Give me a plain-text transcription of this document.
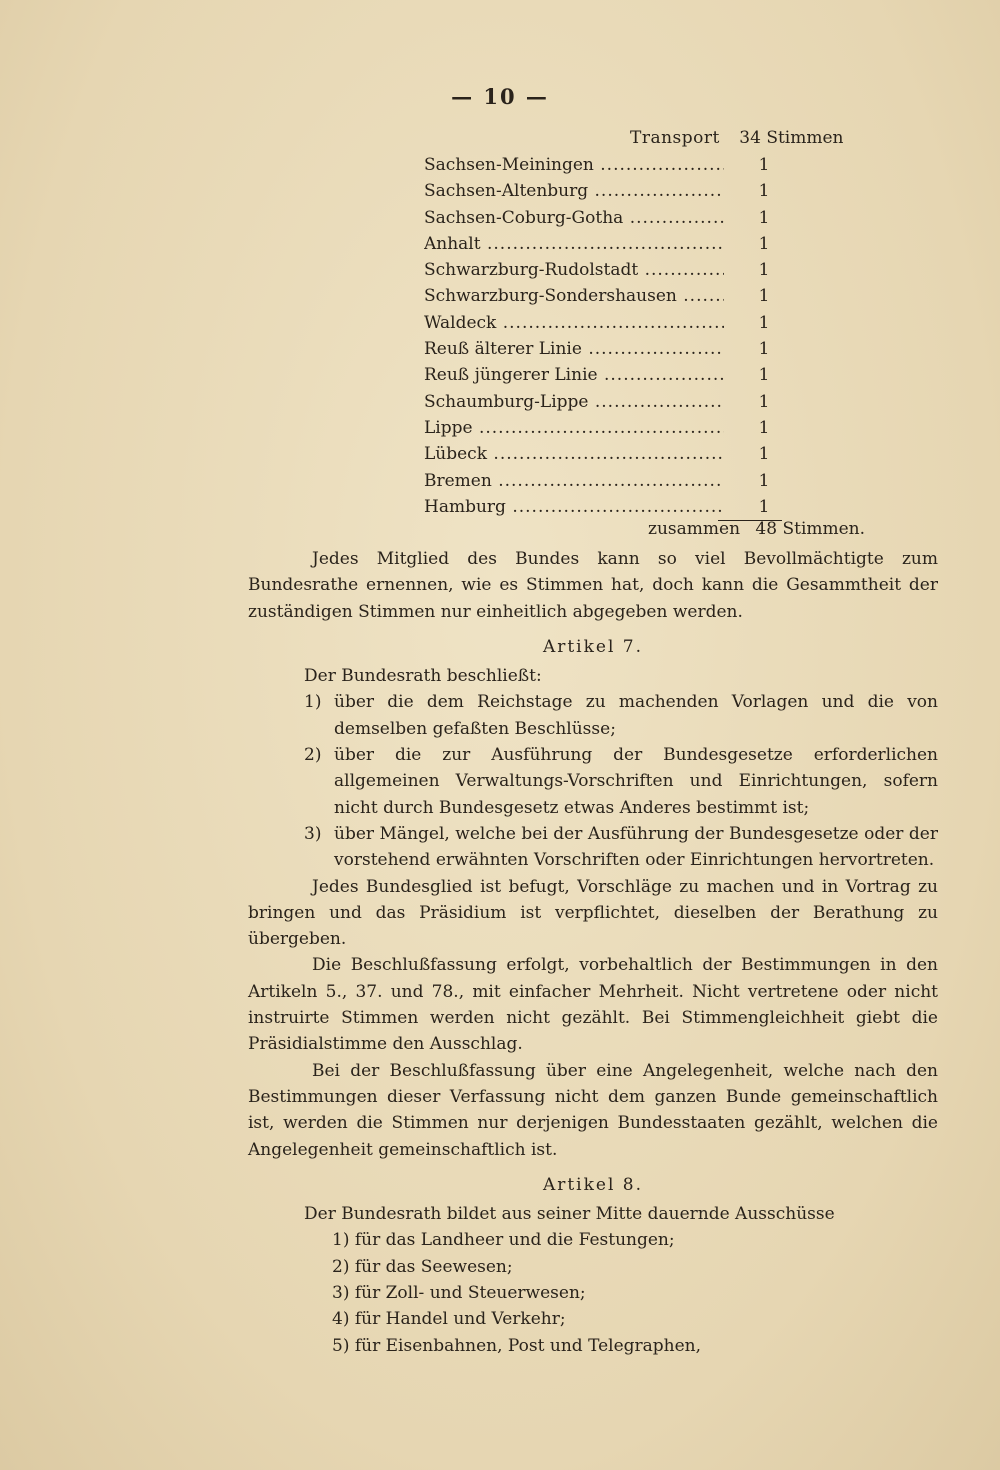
— 10 —
Transport 34 Stimmen
Sachsen-Meiningen .....	1
Sachsen-Altenburg .....	1
Sachsen-Coburg-Gotha .....	1
Anhalt .....	1
Schwarzburg-Rudolstadt .....	1
Schwarzburg-Sondershausen .....	1
Waldeck .....	1
Reuß älterer Linie .....	1
Reuß jüngerer Linie .....	1
Schaumburg-Lippe .....	1
Lippe .....	1
Lübeck .....	1
Bremen .....	1
Hamburg .....	1
zusammen 48 Stimmen.

Jedes Mitglied des Bundes kann so viel Bevollmächtigte zum Bundesrathe ernennen, wie es Stimmen hat, doch kann die Gesammtheit der zuständigen Stimmen nur einheitlich abgegeben werden.

Artikel 7.

Der Bundesrath beschließt:

1) über die dem Reichstage zu machenden Vorlagen und die von demselben gefaßten Beschlüsse;
2) über die zur Ausführung der Bundesgesetze erforderlichen allgemeinen Verwaltungs-Vorschriften und Einrichtungen, sofern nicht durch Bundesgesetz etwas Anderes bestimmt ist;
3) über Mängel, welche bei der Ausführung der Bundesgesetze oder der vorstehend erwähnten Vorschriften oder Einrichtungen hervortreten.

Jedes Bundesglied ist befugt, Vorschläge zu machen und in Vortrag zu bringen und das Präsidium ist verpflichtet, dieselben der Berathung zu übergeben.

Die Beschlußfassung erfolgt, vorbehaltlich der Bestimmungen in den Artikeln 5., 37. und 78., mit einfacher Mehrheit. Nicht vertretene oder nicht instruirte Stimmen werden nicht gezählt. Bei Stimmengleichheit giebt die Präsidialstimme den Ausschlag.

Bei der Beschlußfassung über eine Angelegenheit, welche nach den Bestimmungen dieser Verfassung nicht dem ganzen Bunde gemeinschaftlich ist, werden die Stimmen nur derjenigen Bundesstaaten gezählt, welchen die Angelegenheit gemeinschaftlich ist.

Artikel 8.

Der Bundesrath bildet aus seiner Mitte dauernde Ausschüsse

1) für das Landheer und die Festungen;

2) für das Seewesen;

3) für Zoll- und Steuerwesen;

4) für Handel und Verkehr;

5) für Eisenbahnen, Post und Telegraphen,
